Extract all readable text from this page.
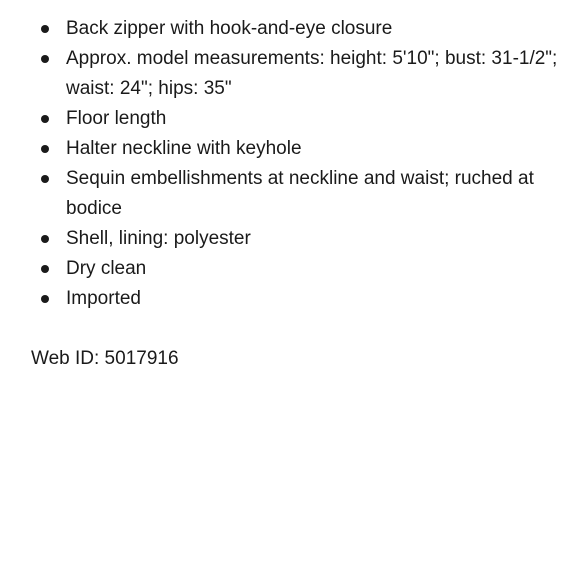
Back zipper with hook-and-eye closure
Approx. model measurements: height: 5'10"; bust: 31-1/2"; waist: 24"; hips: 35"
Floor length
Halter neckline with keyhole
Sequin embellishments at neckline and waist; ruched at bodice
Shell, lining: polyester
Dry clean
Imported

Web ID: 5017916
